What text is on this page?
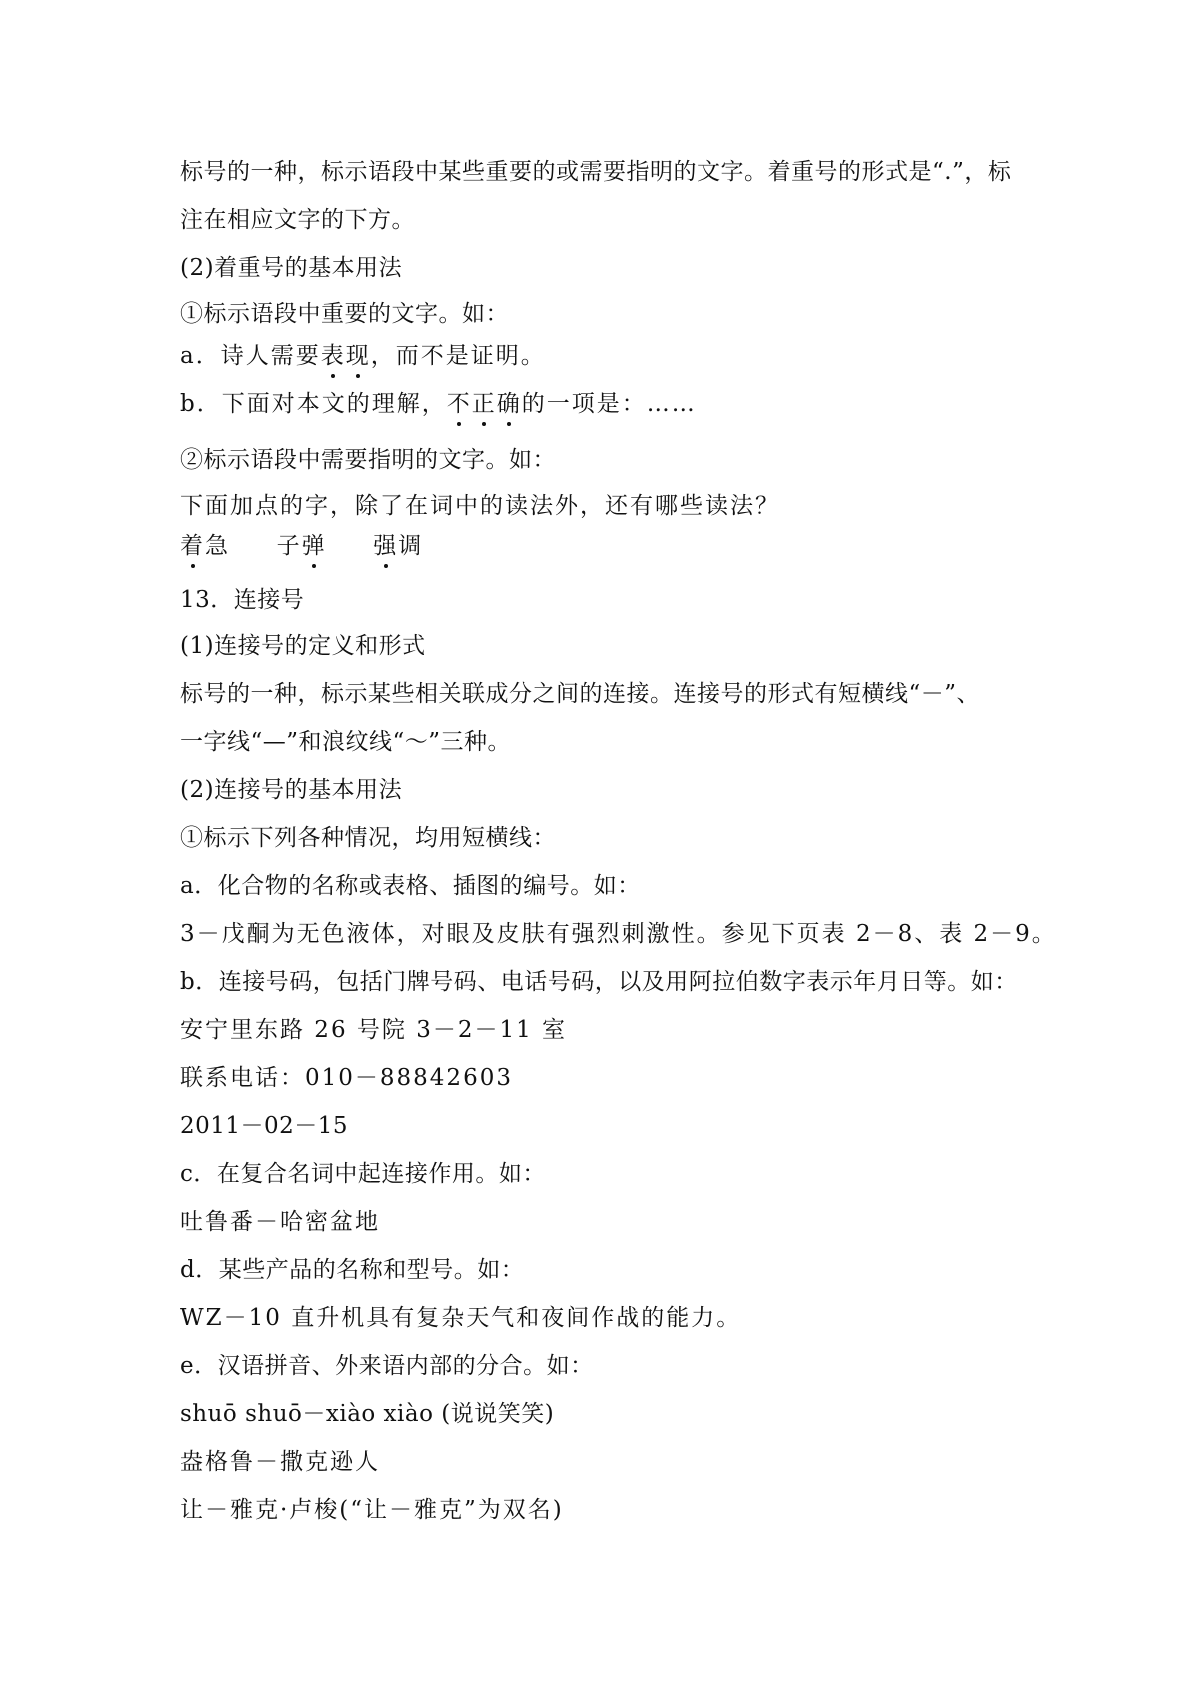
标号的一种，标示语段中某些重要的或需要指明的文字。着重号的形式是“.”，标
注在相应文字的下方。
(2)着重号的基本用法
①标示语段中重要的文字。如：
a．诗人需要表现，而不是证明。
b．下面对本文的理解，不正确的一项是：……
②标示语段中需要指明的文字。如：
下面加点的字，除了在词中的读法外，还有哪些读法？
着急 子弹 强调
13．连接号
(1)连接号的定义和形式
标号的一种，标示某些相关联成分之间的连接。连接号的形式有短横线“－”、
一字线“—”和浪纹线“～”三种。
(2)连接号的基本用法
①标示下列各种情况，均用短横线：
a．化合物的名称或表格、插图的编号。如：
3－戊酮为无色液体，对眼及皮肤有强烈刺激性。参见下页表 2－8、表 2－9。
b．连接号码，包括门牌号码、电话号码，以及用阿拉伯数字表示年月日等。如：
安宁里东路 26 号院 3－2－11 室
联系电话：010－88842603
2011－02－15
c．在复合名词中起连接作用。如：
吐鲁番－哈密盆地
d．某些产品的名称和型号。如：
WZ－10 直升机具有复杂天气和夜间作战的能力。
e．汉语拼音、外来语内部的分合。如：
shuō shuō－xiào xiào (说说笑笑)
盎格鲁－撒克逊人
让－雅克·卢梭(“让－雅克”为双名)
